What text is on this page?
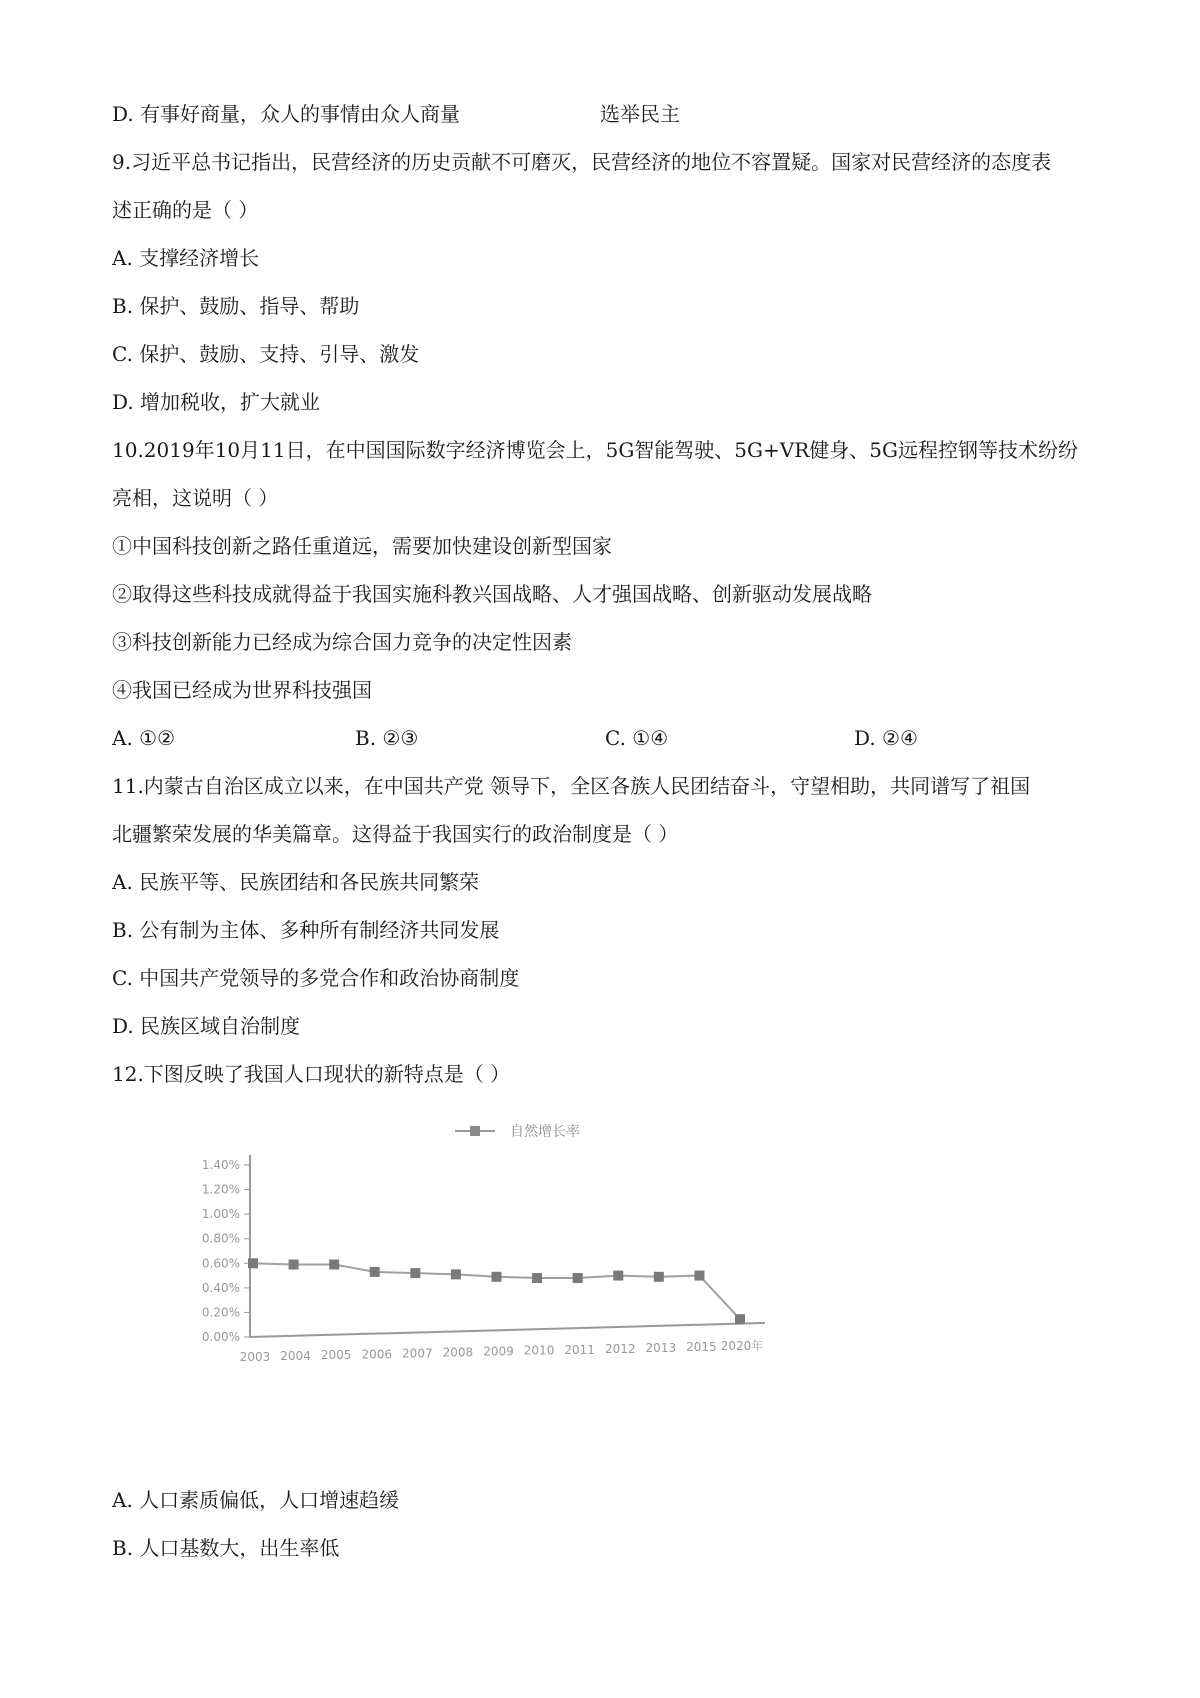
D. 有事好商量，众人的事情由众人商量	选举民主
9.习近平总书记指出，民营经济的历史贡献不可磨灭，民营经济的地位不容置疑。国家对民营经济的态度表
述正确的是（ ）
A. 支撑经济增长
B. 保护、鼓励、指导、帮助
C. 保护、鼓励、支持、引导、激发
D. 增加税收，扩大就业
10.2019年10月11日，在中国国际数字经济博览会上，5G智能驾驶、5G+VR健身、5G远程控钢等技术纷纷
亮相，这说明（ ）
①中国科技创新之路任重道远，需要加快建设创新型国家
②取得这些科技成就得益于我国实施科教兴国战略、人才强国战略、创新驱动发展战略
③科技创新能力已经成为综合国力竞争的决定性因素
④我国已经成为世界科技强国
A. ①②	B. ②③	C. ①④	D. ②④
11.内蒙古自治区成立以来，在中国共产党 领导下，全区各族人民团结奋斗，守望相助，共同谱写了祖国
北疆繁荣发展的华美篇章。这得益于我国实行的政治制度是（ ）
A. 民族平等、民族团结和各民族共同繁荣
B. 公有制为主体、多种所有制经济共同发展
C. 中国共产党领导的多党合作和政治协商制度
D. 民族区域自治制度
12.下图反映了我国人口现状的新特点是（ ）
自然增长率
0.00%
0.20%
0.40%
0.60%
0.80%
1.00%
1.20%
1.40%
2003 2004 2005 2006 2007 2008 2009 2010 2011 2012 2013 2015 2020年
A. 人口素质偏低，人口增速趋缓
B. 人口基数大，出生率低
